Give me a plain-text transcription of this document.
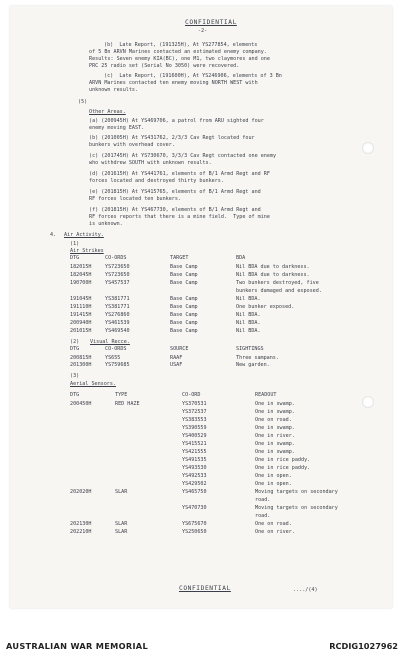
CONFIDENTIAL
-2-
(b)  Late Report, (191325H), At YS277854, elements
of 5 Bn ARVN Marines contacted an estimated enemy company.
Results: Seven enemy KIA(BC), one M1, two claymores and one
PRC 25 radio set (Serial No 3050) were recovered.
(c)  Late Report, (191600H), At YS246906, elements of 3 Bn
ARVN Marines contacted ten enemy moving NORTH WEST with
unknown results.
(5)
Other Areas.
(a) (200945H) At YS469706, a patrol from ARU sighted four
enemy moving EAST.
(b) (201005H) At YS431762, 2/3/3 Cav Regt located four
bunkers with overhead cover.
(c) (201745H) At YS730670, 3/3/3 Cav Regt contacted one enemy
who withdrew SOUTH with unknown results.
(d) (201615H) At YS441761, elements of B/1 Armd Regt and RF
forces located and destroyed thirty bunkers.
(e) (201815H) At YS415765, elements of B/1 Armd Regt and
RF forces located ten bunkers.
(f) (201815H) At YS467730, elements of B/1 Armd Regt and
RF forces reports that there is a mine field.  Type of mine
is unknown.
4. Air Activity.
(1)
Air Strikes
DTG	CO-ORDS	TARGET	BDA
182015H	YS723650	Base Camp	Nil BDA due to darkness.
182045H	YS723650	Base Camp	Nil BDA due to darkness.
190700H	YS457537	Base Camp	Two bunkers destroyed, five
bunkers damaged and exposed.
191045H	YS381771	Base Camp	Nil BDA.
191110H	YS381771	Base Camp	One bunker exposed.
191415H	YS276860	Base Camp	Nil BDA.
200940H	YS461539	Base Camp	Nil BDA.
201015H	YS469540	Base Camp	Nil BDA.
(2) Visual Recce.
DTG	CO-ORDS	SOURCE	SIGHTINGS
200815H	YS655	RAAF	Three sampans.
201300H	YS759685	USAF	New garden.
(3)
Aerial Sensors.
DTG	TYPE	CO-ORD	READOUT
200450H	RED HAZE	YS370531	One in swamp.
YS372537	One in swamp.
YS383553	One on road.
YS390559	One in swamp.
YS400529	One in river.
YS415521	One in swamp.
YS421555	One in swamp.
YS491535	One in rice paddy.
YS493530	One in rice paddy.
YS492533	One in open.
YS429502	One in open.
202020H	SLAR	YS465750	Moving targets on secondary
road.
YS470730	Moving targets on secondary
road.
202130H	SLAR	YS675670	One on road.
202210H	SLAR	YS250650	One on river.
CONFIDENTIAL	..../(4)
AUSTRALIAN WAR MEMORIAL	RCDIG1027962
